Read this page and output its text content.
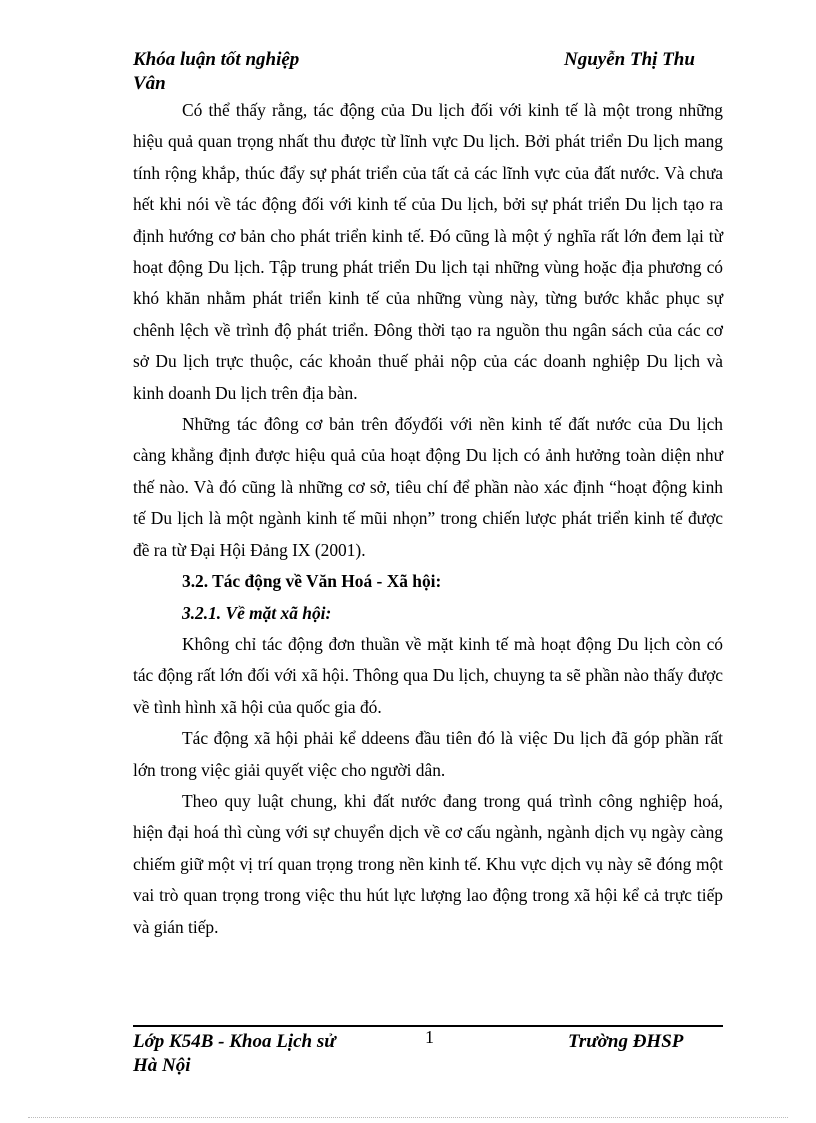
Khóa luận tốt nghiệp
Vân
Nguyễn Thị Thu

Có thể thấy rằng, tác động của Du lịch đối với kinh tế là một trong những hiệu quả quan trọng nhất thu được từ lĩnh vực Du lịch. Bởi phát triển Du lịch mang tính rộng khắp, thúc đẩy sự phát triển của tất cả các lĩnh vực của đất nước. Và chưa hết khi nói về tác động đối với kinh tế của Du lịch, bởi sự phát triển Du lịch tạo ra định hướng cơ bản cho phát triển kinh tế. Đó cũng là một ý nghĩa rất lớn đem lại từ hoạt động Du lịch. Tập trung phát triển Du lịch tại những vùng hoặc địa phương có khó khăn nhằm phát triển kinh tế của những vùng này, từng bước khắc phục sự chênh lệch về trình độ phát triển. Đông thời tạo ra nguồn thu ngân sách của các cơ sở Du lịch trực thuộc, các khoản thuế phải nộp của các doanh nghiệp Du lịch và kinh doanh Du lịch trên địa bàn.

Những tác đông cơ bản trên đốyđối với nền kinh tế đất nước của Du lịch càng khẳng định được hiệu quả của hoạt động Du lịch có ảnh hưởng toàn diện như thế nào. Và đó cũng là những cơ sở, tiêu chí để phần nào xác định “hoạt động kinh tế Du lịch là một ngành kinh tế mũi nhọn” trong chiến lược phát triển kinh tế được đề ra từ Đại Hội Đảng IX (2001).

3.2. Tác động về Văn Hoá - Xã hội:

3.2.1. Về mặt xã hội:

Không chỉ tác động đơn thuần về mặt kinh tế mà hoạt động Du lịch còn có tác động rất lớn đối với xã hội. Thông qua Du lịch, chuyng ta sẽ phần nào thấy được về tình hình xã hội của quốc gia đó.

Tác động xã hội phải kể ddeens đầu tiên đó là việc Du lịch đã góp phần rất lớn trong việc giải quyết việc cho người dân.

Theo quy luật chung, khi đất nước đang trong quá trình công nghiệp hoá, hiện đại hoá thì cùng với sự chuyển dịch về cơ cấu ngành, ngành dịch vụ ngày càng chiếm giữ một vị trí quan trọng trong nền kinh tế. Khu vực dịch vụ này sẽ đóng một vai trò quan trọng trong việc thu hút lực lượng lao động trong xã hội kể cả trực tiếp và gián tiếp.

Lớp K54B - Khoa Lịch sử
Hà Nội
1	Trường ĐHSP
